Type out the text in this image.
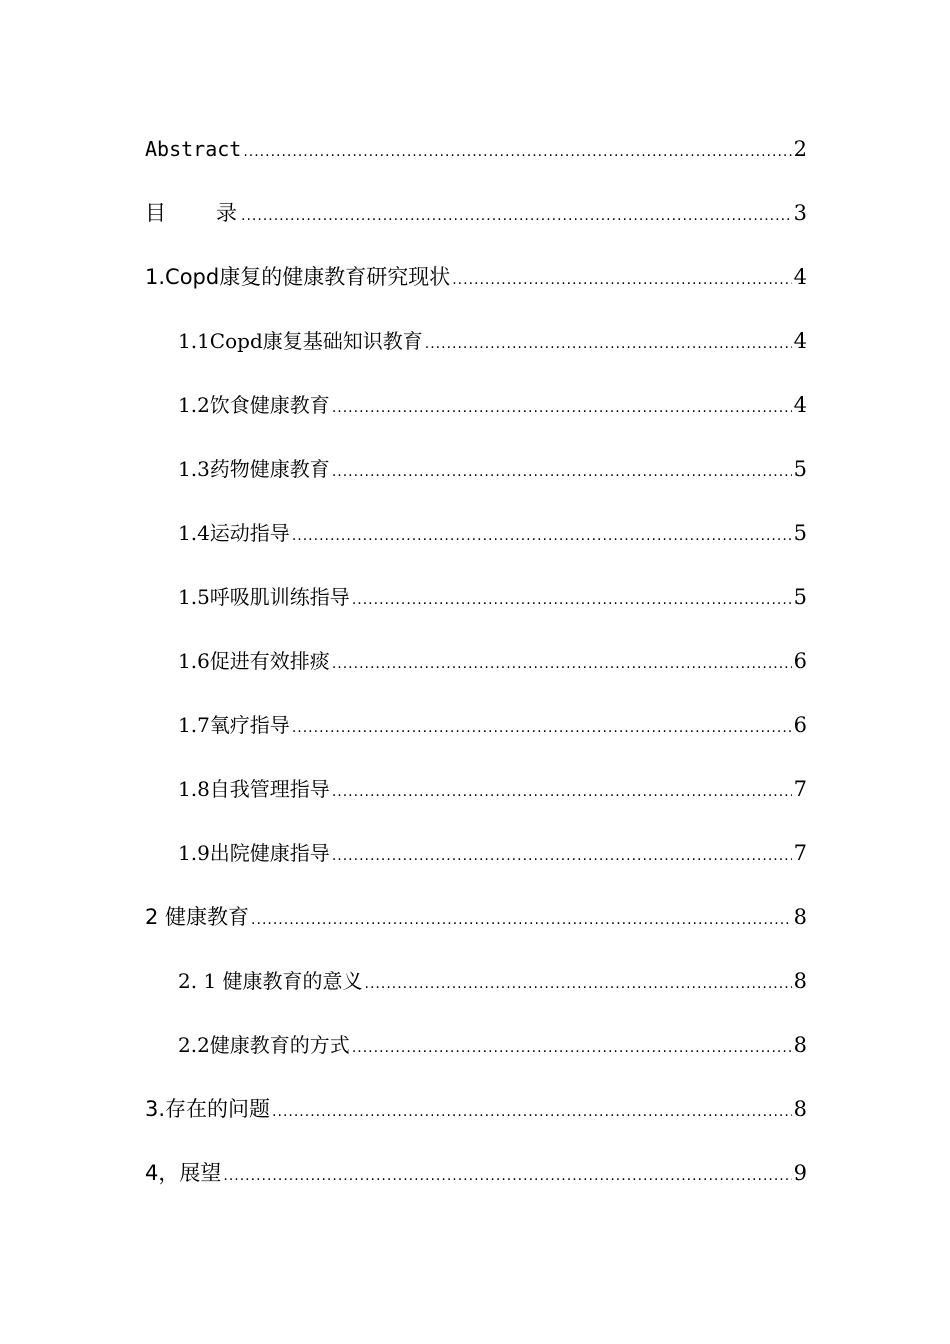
Abstract .....	2
目录 .....	3
1.Copd康复的健康教育研究现状 .....	4
1.1Copd康复基础知识教育 .....	4
1.2饮食健康教育 .....	4
1.3药物健康教育 .....	5
1.4运动指导 .....	5
1.5呼吸肌训练指导 .....	5
1.6促进有效排痰 .....	6
1.7氧疗指导 .....	6
1.8自我管理指导 .....	7
1.9出院健康指导 .....	7
2 健康教育 .....	8
2. 1 健康教育的意义 .....	8
2.2健康教育的方式 .....	8
3.存在的问题 .....	8
4，展望 .....	9
